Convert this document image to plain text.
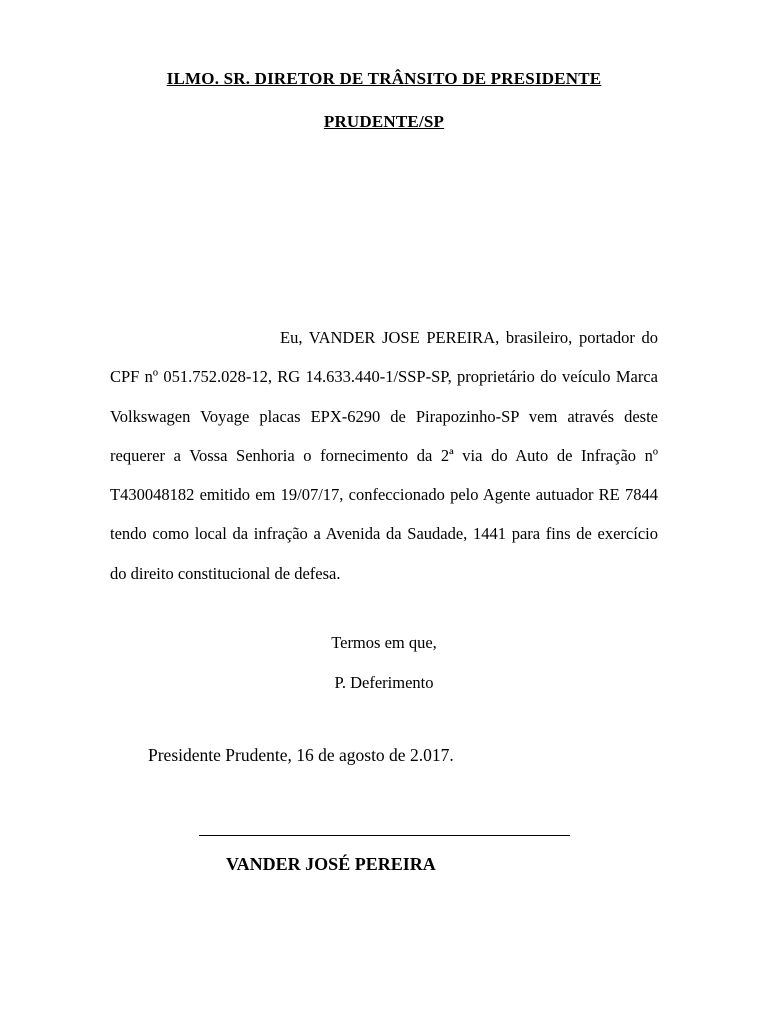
ILMO. SR. DIRETOR DE TRÂNSITO DE PRESIDENTE
PRUDENTE/SP

Eu, VANDER JOSE PEREIRA, brasileiro, portador do CPF nº 051.752.028-12, RG 14.633.440-1/SSP-SP, proprietário do veículo Marca Volkswagen Voyage placas EPX-6290 de Pirapozinho-SP vem através deste requerer a Vossa Senhoria o fornecimento da 2ª via do Auto de Infração nº T430048182 emitido em 19/07/17, confeccionado pelo Agente autuador RE 7844 tendo como local da infração a Avenida da Saudade, 1441 para fins de exercício do direito constitucional de defesa.

Termos em que,
P. Deferimento
Presidente Prudente, 16 de agosto de 2.017.
VANDER JOSÉ PEREIRA
